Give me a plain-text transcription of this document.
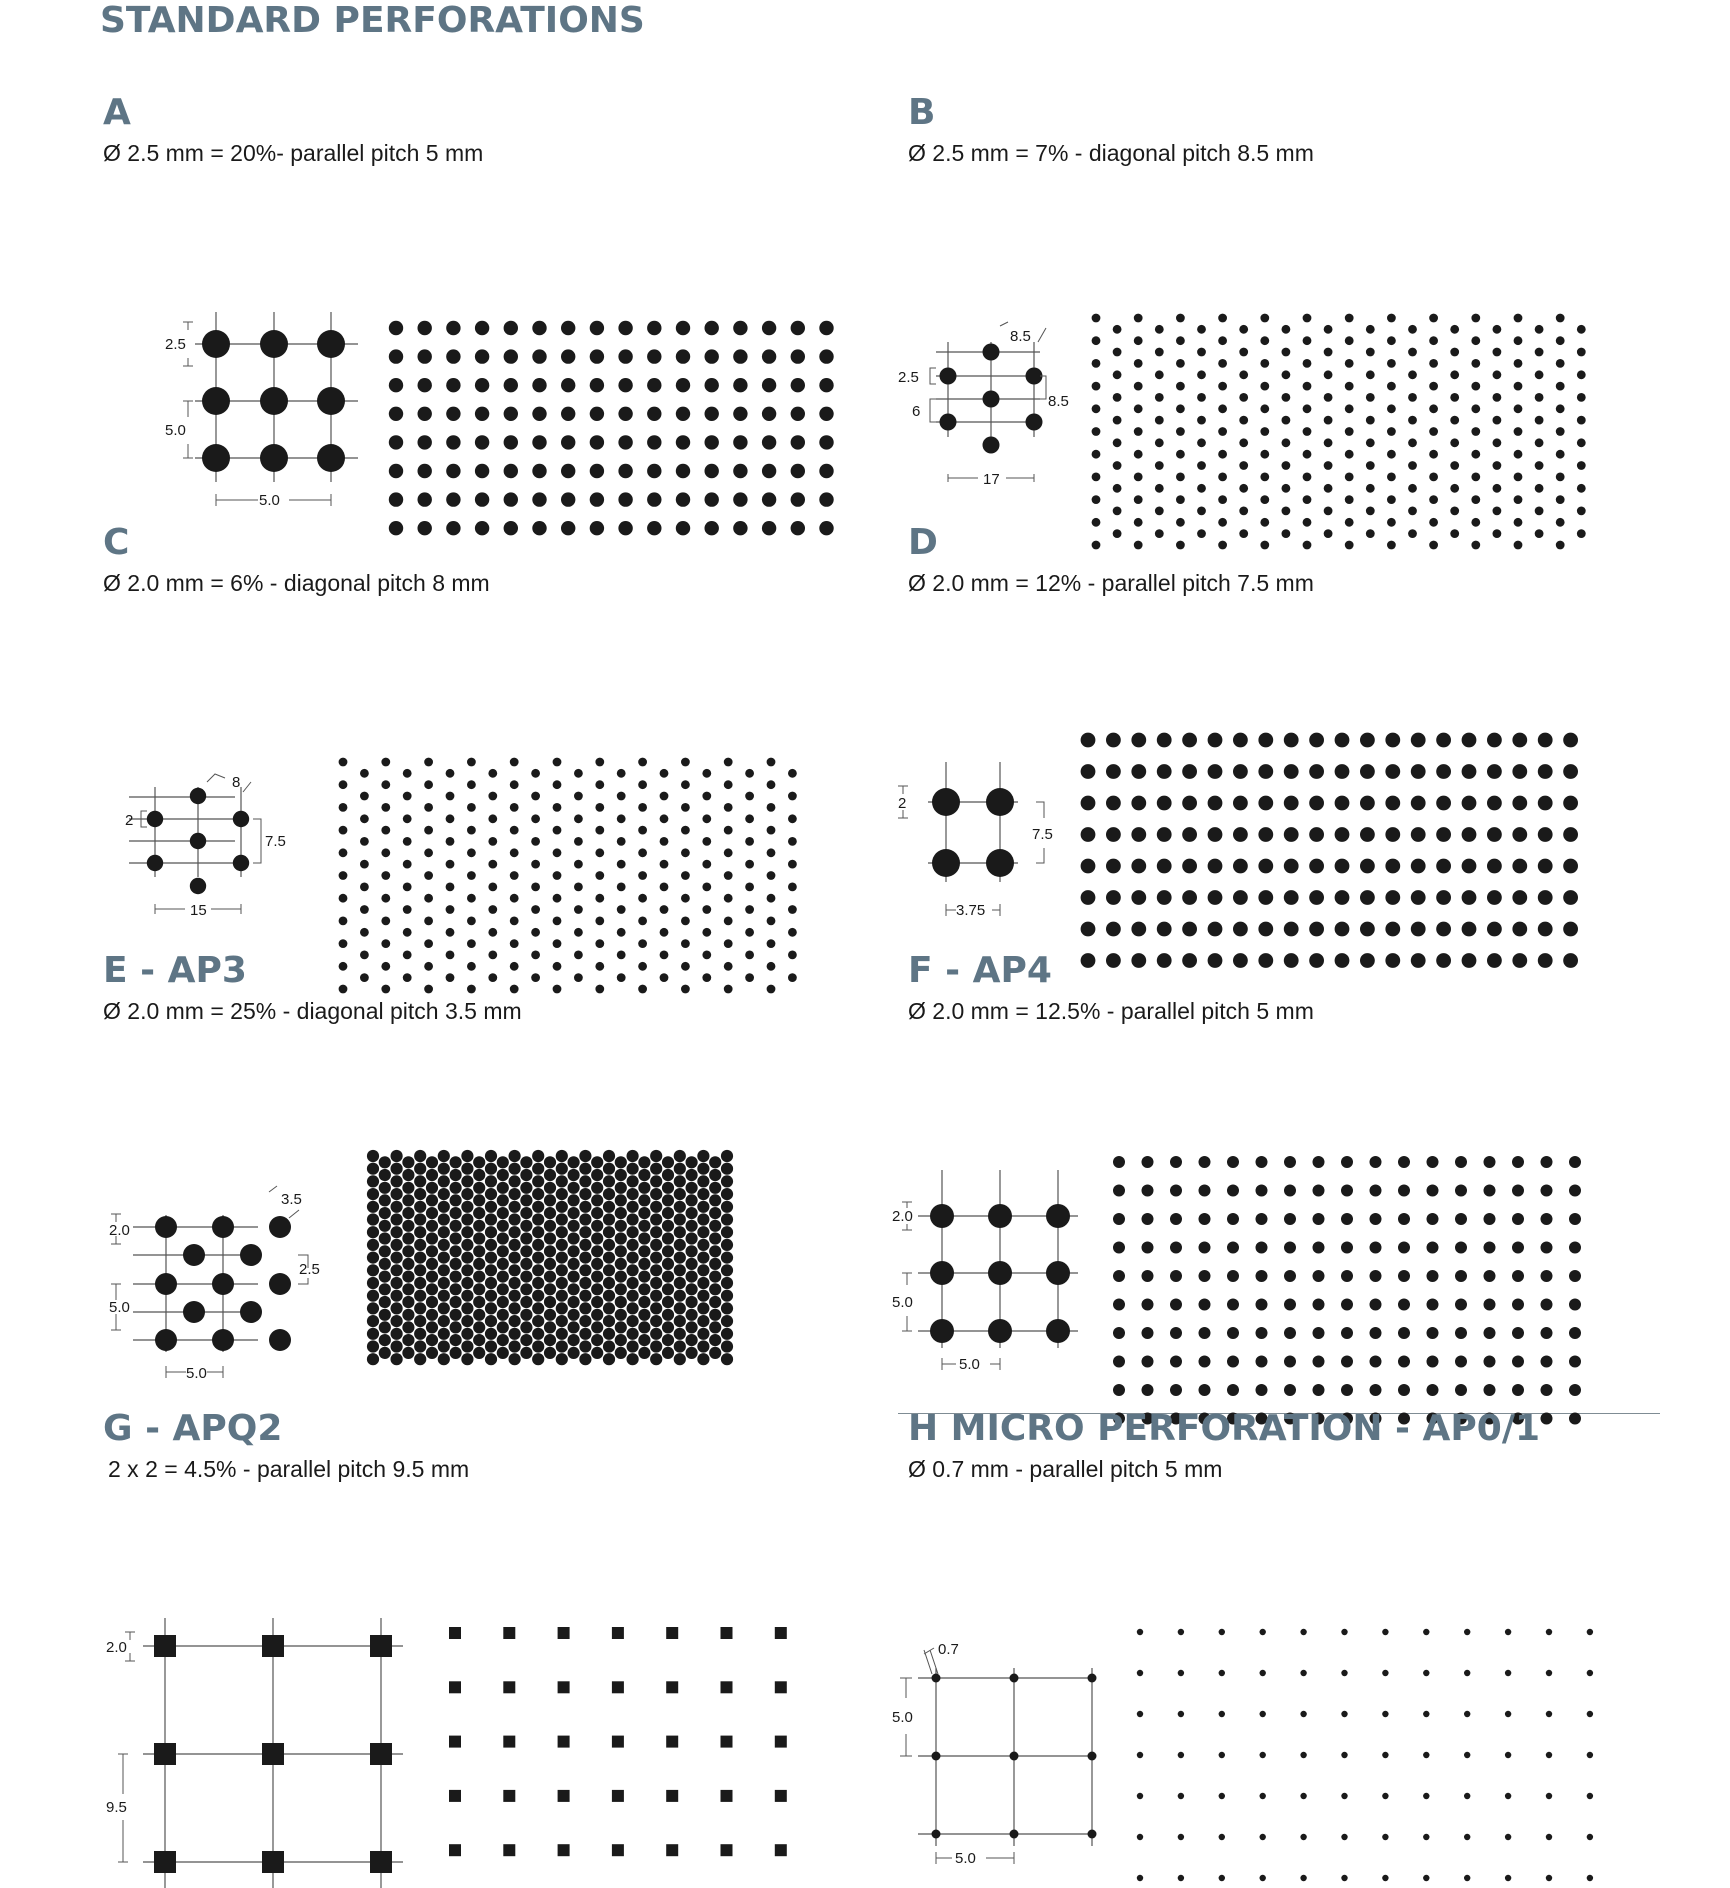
STANDARD PERFORATIONS
A

Ø 2.5 mm = 20%- parallel pitch 5 mm

2.5
5.0
5.0
B

Ø 2.5 mm = 7% - diagonal pitch 8.5 mm

8.5
2.5
6
8.5
17
C

Ø 2.0 mm = 6% - diagonal pitch 8 mm

8
2
7.5
15
D

Ø 2.0 mm = 12% - parallel pitch 7.5 mm

2
7.5
3.75
E - AP3

Ø 2.0 mm = 25% - diagonal pitch 3.5 mm

3.5
2.0
2.5
5.0
5.0
F - AP4

Ø 2.0 mm = 12.5% - parallel pitch 5 mm

2.0
5.0
5.0
G - APQ2

2 x 2 = 4.5% - parallel pitch 9.5 mm

2.0
9.5
H MICRO PERFORATION - AP0/1

Ø 0.7 mm - parallel pitch 5 mm

0.7
5.0
5.0
